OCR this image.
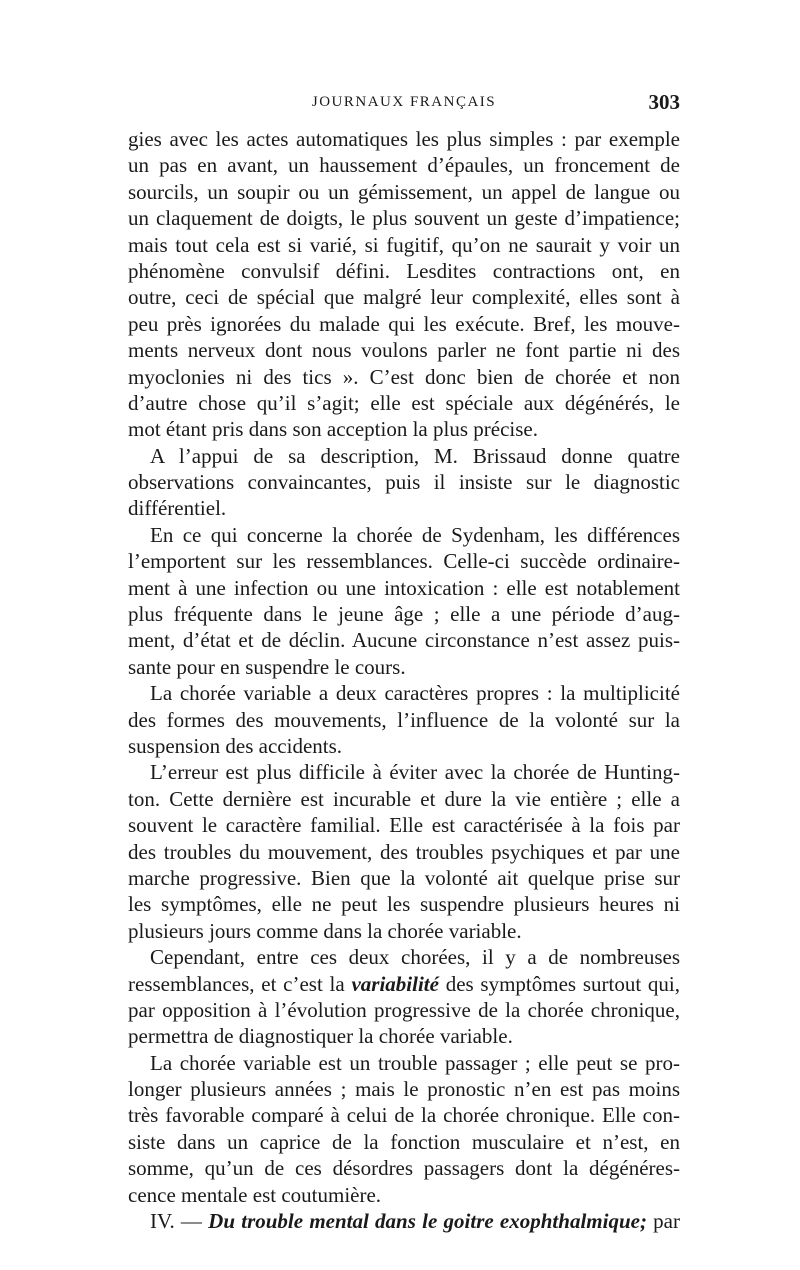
JOURNAUX FRANÇAIS	303
gies avec les actes automatiques les plus simples : par exemple
un pas en avant, un haussement d’épaules, un froncement de
sourcils, un soupir ou un gémissement, un appel de langue ou
un claquement de doigts, le plus souvent un geste d’impatience;
mais tout cela est si varié, si fugitif, qu’on ne saurait y voir un
phénomène convulsif défini. Lesdites contractions ont, en
outre, ceci de spécial que malgré leur complexité, elles sont à
peu près ignorées du malade qui les exécute. Bref, les mouve-
ments nerveux dont nous voulons parler ne font partie ni des
myoclonies ni des tics ». C’est donc bien de chorée et non
d’autre chose qu’il s’agit; elle est spéciale aux dégénérés, le
mot étant pris dans son acception la plus précise.
A l’appui de sa description, M. Brissaud donne quatre
observations convaincantes, puis il insiste sur le diagnostic
différentiel.
En ce qui concerne la chorée de Sydenham, les différences
l’emportent sur les ressemblances. Celle-ci succède ordinaire-
ment à une infection ou une intoxication : elle est notablement
plus fréquente dans le jeune âge ; elle a une période d’aug-
ment, d’état et de déclin. Aucune circonstance n’est assez puis-
sante pour en suspendre le cours.
La chorée variable a deux caractères propres : la multiplicité
des formes des mouvements, l’influence de la volonté sur la
suspension des accidents.
L’erreur est plus difficile à éviter avec la chorée de Hunting-
ton. Cette dernière est incurable et dure la vie entière ; elle a
souvent le caractère familial. Elle est caractérisée à la fois par
des troubles du mouvement, des troubles psychiques et par une
marche progressive. Bien que la volonté ait quelque prise sur
les symptômes, elle ne peut les suspendre plusieurs heures ni
plusieurs jours comme dans la chorée variable.
Cependant, entre ces deux chorées, il y a de nombreuses
ressemblances, et c’est la variabilité des symptômes surtout qui,
par opposition à l’évolution progressive de la chorée chronique,
permettra de diagnostiquer la chorée variable.
La chorée variable est un trouble passager ; elle peut se pro-
longer plusieurs années ; mais le pronostic n’en est pas moins
très favorable comparé à celui de la chorée chronique. Elle con-
siste dans un caprice de la fonction musculaire et n’est, en
somme, qu’un de ces désordres passagers dont la dégénéres-
cence mentale est coutumière.
IV. — Du trouble mental dans le goitre exophthalmique; par
